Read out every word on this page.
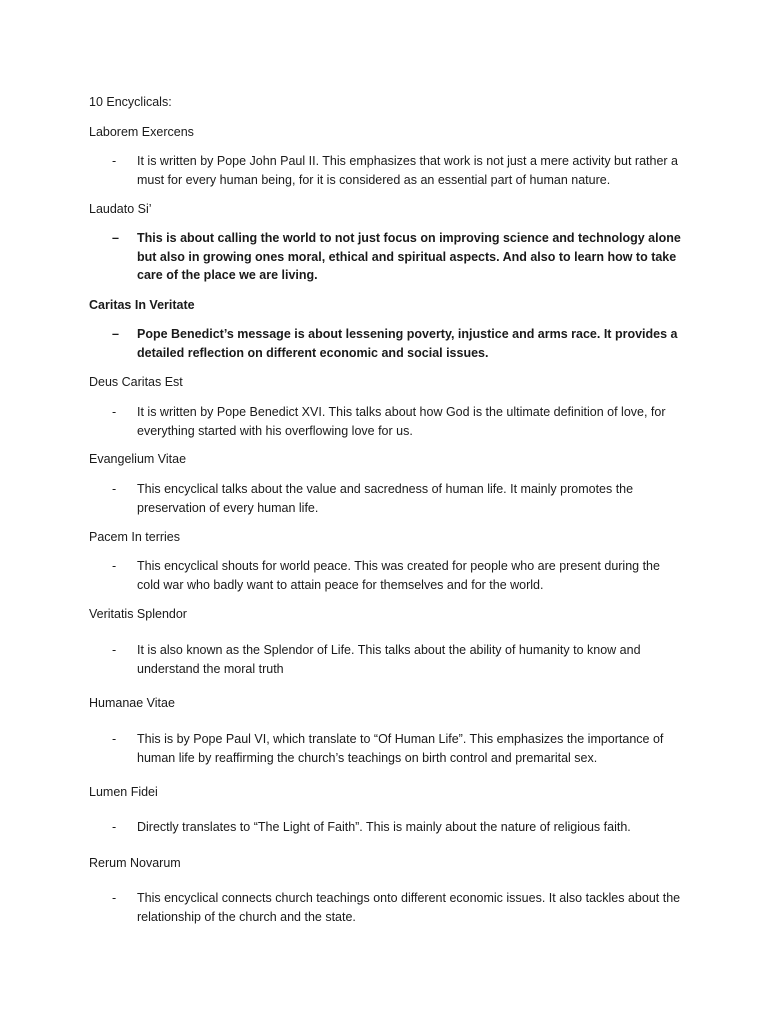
10 Encyclicals:
Laborem Exercens
- It is written by Pope John Paul II. This emphasizes that work is not just a mere activity but rather a must for every human being, for it is considered as an essential part of human nature.
Laudato Si’
– This is about calling the world to not just focus on improving science and technology alone but also in growing ones moral, ethical and spiritual aspects. And also to learn how to take care of the place we are living.
Caritas In Veritate
– Pope Benedict’s message is about lessening poverty, injustice and arms race. It provides a detailed reflection on different economic and social issues.
Deus Caritas Est
- It is written by Pope Benedict XVI. This talks about how God is the ultimate definition of love, for everything started with his overflowing love for us.
Evangelium Vitae
- This encyclical talks about the value and sacredness of human life. It mainly promotes the preservation of every human life.
Pacem In terries
- This encyclical shouts for world peace. This was created for people who are present during the cold war who badly want to attain peace for themselves and for the world.
Veritatis Splendor
- It is also known as the Splendor of Life. This talks about the ability of humanity to know and understand the moral truth
Humanae Vitae
- This is by Pope Paul VI, which translate to “Of Human Life”. This emphasizes the importance of human life by reaffirming the church’s teachings on birth control and premarital sex.
Lumen Fidei
- Directly translates to “The Light of Faith”. This is mainly about the nature of religious faith.
Rerum Novarum
- This encyclical connects church teachings onto different economic issues. It also tackles about the relationship of the church and the state.
